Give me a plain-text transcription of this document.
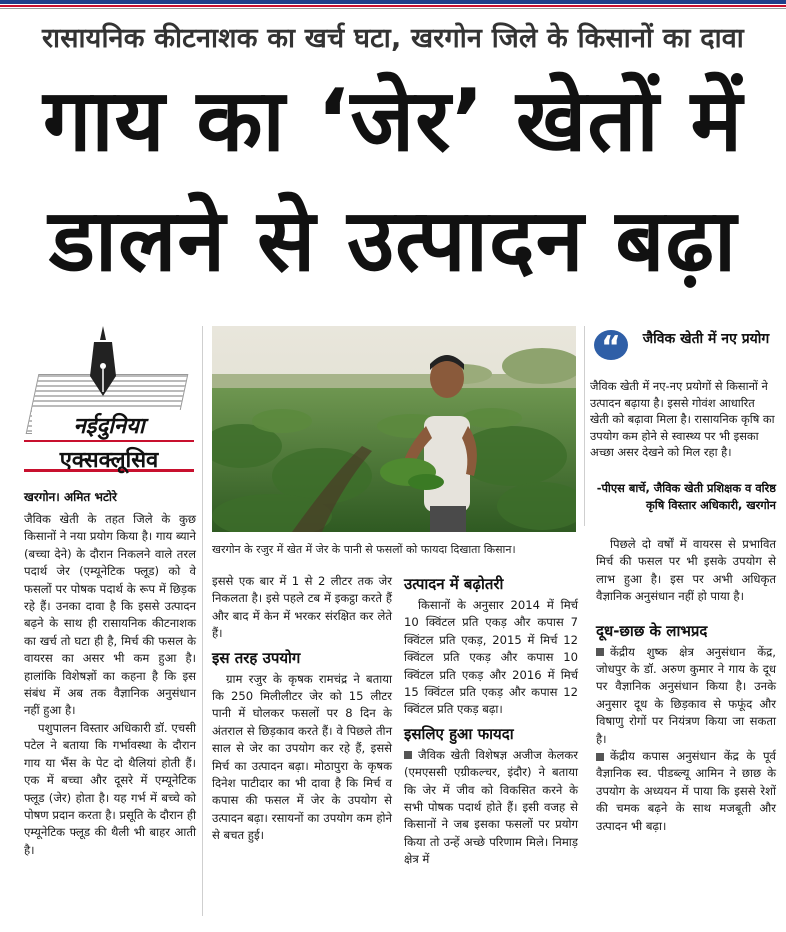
रासायनिक कीटनाशक का खर्च घटा, खरगोन जिले के किसानों का दावा
गाय का ‘जेर’ खेतों में
डालने से उत्पादन बढ़ा
नईदुनिया
एक्सक्लूसिव
खरगोन। अमित भटोरे

जैविक खेती के तहत जिले के कुछ किसानों ने नया प्रयोग किया है। गाय ब्याने (बच्चा देने) के दौरान निकलने वाले तरल पदार्थ जेर (एम्यूनेटिक फ्लूड) को वे फसलों पर पोषक पदार्थ के रूप में छिड़क रहे हैं। उनका दावा है कि इससे उत्पादन बढ़ने के साथ ही रासायनिक कीटनाशक का खर्च तो घटा ही है, मिर्च की फसल के वायरस का असर भी कम हुआ है। हालांकि विशेषज्ञों का कहना है कि इस संबंध में अब तक वैज्ञानिक अनुसंधान नहीं हुआ है।

पशुपालन विस्तार अधिकारी डॉ. एचसी पटेल ने बताया कि गर्भावस्था के दौरान गाय या भैंस के पेट दो थैलियां होती हैं। एक में बच्चा और दूसरे में एम्यूनेटिक फ्लूड (जेर) होता है। यह गर्भ में बच्चे को पोषण प्रदान करता है। प्रसूति के दौरान ही एम्यूनेटिक फ्लूड की थैली भी बाहर आती है।

खरगोन के रजुर में खेत में जेर के पानी से फसलों को फायदा दिखाता किसान।
“	जैविक खेती में नए प्रयोग
जैविक खेती में नए-नए प्रयोगों से किसानों ने उत्पादन बढ़ाया है। इससे गोवंश आधारित खेती को बढ़ावा मिला है। रासायनिक कृषि का उपयोग कम होने से स्वास्थ्य पर भी इसका अच्छा असर देखने को मिल रहा है।
-पीएस बार्चे, जैविक खेती प्रशिक्षक व वरिष्ठ कृषि विस्तार अधिकारी, खरगोन

इससे एक बार में 1 से 2 लीटर तक जेर निकलता है। इसे पहले टब में इकट्ठा करते हैं और बाद में केन में भरकर संरक्षित कर लेते हैं।

इस तरह उपयोग

ग्राम रजुर के कृषक रामचंद्र ने बताया कि 250 मिलीलीटर जेर को 15 लीटर पानी में घोलकर फसलों पर 8 दिन के अंतराल से छिड़काव करते हैं। वे पिछले तीन साल से जेर का उपयोग कर रहे हैं, इससे मिर्च का उत्पादन बढ़ा। मोठापुरा के कृषक दिनेश पाटीदार का भी दावा है कि मिर्च व कपास की फसल में जेर के उपयोग से उत्पादन बढ़ा। रसायनों का उपयोग कम होने से बचत हुई।

उत्पादन में बढ़ोतरी

किसानों के अनुसार 2014 में मिर्च 10 क्विंटल प्रति एकड़ और कपास 7 क्विंटल प्रति एकड़, 2015 में मिर्च 12 क्विंटल प्रति एकड़ और कपास 10 क्विंटल प्रति एकड़ और 2016 में मिर्च 15 क्विंटल प्रति एकड़ और कपास 12 क्विंटल प्रति एकड़ बढ़ा।

इसलिए हुआ फायदा

जैविक खेती विशेषज्ञ अजीज केलकर (एमएससी एग्रीकल्चर, इंदौर) ने बताया कि जेर में जीव को विकसित करने के सभी पोषक पदार्थ होते हैं। इसी वजह से किसानों ने जब इसका फसलों पर प्रयोग किया तो उन्हें अच्छे परिणाम मिले। निमाड़ क्षेत्र में

पिछले दो वर्षों में वायरस से प्रभावित मिर्च की फसल पर भी इसके उपयोग से लाभ हुआ है। इस पर अभी अधिकृत वैज्ञानिक अनुसंधान नहीं हो पाया है।

दूध-छाछ के लाभप्रद

केंद्रीय शुष्क क्षेत्र अनुसंधान केंद्र, जोधपुर के डॉ. अरुण कुमार ने गाय के दूध पर वैज्ञानिक अनुसंधान किया है। उनके अनुसार दूध के छिड़काव से फफूंद और विषाणु रोगों पर नियंत्रण किया जा सकता है।

केंद्रीय कपास अनुसंधान केंद्र के पूर्व वैज्ञानिक स्व. पीडब्ल्यू आमिन ने छाछ के उपयोग के अध्ययन में पाया कि इससे रेशों की चमक बढ़ने के साथ मजबूती और उत्पादन भी बढ़ा।
